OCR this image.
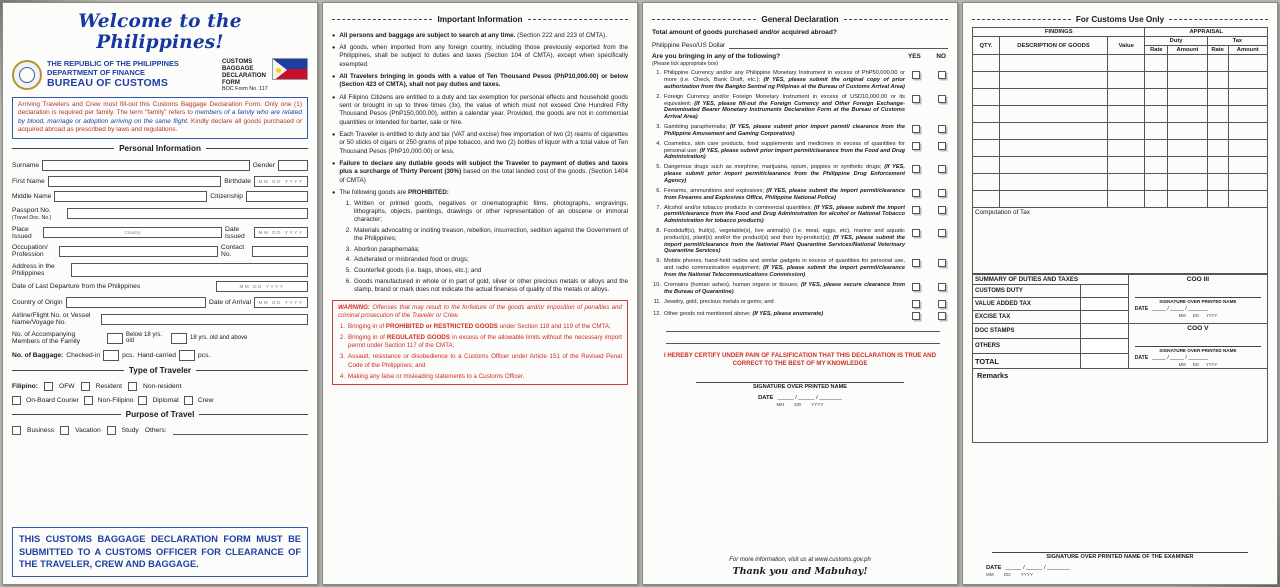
Welcome to the Philippines!
THE REPUBLIC OF THE PHILIPPINES
DEPARTMENT OF FINANCE
BUREAU OF CUSTOMS
CUSTOMS BAGGAGE DECLARATION FORM
BOC Form No. 117
Arriving Travelers and Crew must fill-out this Customs Baggage Declaration Form. Only one (1) declaration is required per family. The term "family" refers to members of a family who are related by blood, marriage or adoption arriving on the same flight. Kindly declare all goods purchased or acquired abroad as prescribed by laws and regulations.
Personal Information
Surname	Gender
First Name	Birthdate	MM DD YYYY
Middle Name	Citizenship
Passport No.
(Travel Doc. No.)
Place Issued	Country
Date Issued	MM DD YYYY
Occupation/ Profession
Contact No.
Address in the Philippines
Date of Last Departure from the Philippines	MM DD YYYY
Country of Origin	Date of Arrival	MM DD YYYY
Airline/Flight No. or Vessel Name/Voyage No.
No. of Accompanying Members of the Family
Below 18 yrs. old
18 yrs. old and above
No. of Baggage: Checked-in	pcs. Hand-carried	pcs.
Type of Traveler
Filipino:	OFW	Resident	Non-resident
On-Board Courier	Non-Filipino	Diplomat	Crew
Purpose of Travel
Business	Vacation	Study Others:
THIS CUSTOMS BAGGAGE DECLARATION FORM MUST BE SUBMITTED TO A CUSTOMS OFFICER FOR CLEARANCE OF THE TRAVELER, CREW AND BAGGAGE.
Important Information
● All persons and baggage are subject to search at any time. (Section 222 and 223 of CMTA).
● All goods, when imported from any foreign country, including those previously exported from the Philippines, shall be subject to duties and taxes (Section 104 of CMTA), except when specifically exempted.
● All Travelers bringing in goods with a value of Ten Thousand Pesos (PhP10,000.00) or below (Section 423 of CMTA), shall not pay duties and taxes.
● All Filipino Citizens are entitled to a duty and tax exemption for personal effects and household goods sent or brought in up to three times (3x), the value of which must not exceed One Hundred Fifty Thousand Pesos (PhP150,000.00), within a calendar year. Provided, the goods are not in commercial quantities or intended for barter, sale or hire.
● Each Traveler is entitled to duty and tax (VAT and excise) free importation of two (2) reams of cigarettes or 50 sticks of cigars or 250 grams of pipe tobacco, and two (2) bottles of liquor with a total value of Ten Thousand Pesos (PhP10,000.00) or less.
● Failure to declare any dutiable goods will subject the Traveler to payment of duties and taxes plus a surcharge of Thirty Percent (30%) based on the total landed cost of the goods. (Section 1404 of CMTA)
● The following goods are PROHIBITED:
1. Written or printed goods, negatives or cinematographic films, photographs, engravings, lithographs, objects, paintings, drawings or other representation of an obscene or immoral character;
2. Materials advocating or inciting treason, rebellion, insurrection, sedition against the Government of the Philippines;
3. Abortion paraphernalia;
4. Adulterated or misbranded food or drugs;
5. Counterfeit goods (i.e. bags, shoes, etc.); and
6. Goods manufactured in whole or in part of gold, silver or other precious metals or alloys and the stamp, brand or mark does not indicate the actual fineness of quality of the metals or alloys.
WARNING: Offenses that may result to the forfeiture of the goods and/or imposition of penalties and criminal prosecution of the Traveler or Crew.
1. Bringing in of PROHIBITED or RESTRICTED GOODS under Section 118 and 119 of the CMTA;
2. Bringing in of REGULATED GOODS in excess of the allowable limits without the necessary import permit under Section 117 of the CMTA;
3. Assault, resistance or disobedience to a Customs Officer under Article 151 of the Revised Penal Code of the Philippines; and
4. Making any false or misleading statements to a Customs Officer.
General Declaration
Total amount of goods purchased and/or acquired abroad?
Philippine Peso/US Dollar
Are you bringing in any of the following?
(Please tick appropriate box)
YES NO
1. Philippine Currency and/or any Philippine Monetary Instrument in excess of PhP50,000.00 or more (i.e. Check, Bank Draft, etc.); (If YES, please submit the original copy of prior authorization from the Bangko Sentral ng Pilipinas at the Bureau of Customs Arrival Area)
2. Foreign Currency and/or Foreign Monetary Instrument in excess of USD10,000.00 or its equivalent; (If YES, please fill-out the Foreign Currency and Other Foreign Exchange-Denominated Bearer Monetary Instruments Declaration Form at the Bureau of Customs Arrival Area)
3. Gambling paraphernalia; (If YES, please submit prior import permit/ clearance from the Philippine Amusement and Gaming Corporation)
4. Cosmetics, skin care products, food supplements and medicines in excess of quantities for personal use; (If YES, please submit prior import permit/clearance from the Food and Drug Administration)
5. Dangerous drugs such as morphine, marijuana, opium, poppies or synthetic drugs; (If YES, please submit prior import permit/clearance from the Philippine Drug Enforcement Agency)
6. Firearms, ammunitions and explosives; (If YES, please submit the import permit/clearance from Firearms and Explosives Office, Philippine National Police)
7. Alcohol and/or tobacco products in commercial quantities; (If YES, please submit the import permit/clearance from the Food and Drug Administration for alcohol or National Tobacco Administration for tobacco products)
8. Foodstuff(s), fruit(s), vegetable(s), live animal(s) (i.e. meat, eggs, etc), marine and aquatic product(s), plant(s) and/or the product(s) and their by-product(s); (If YES, please submit the import permit/clearance from the National Plant Quarantine Services/National Veterinary Quarantine Services)
9. Mobile phones, hand-held radios and similar gadgets in excess of quantities for personal use, and radio communication equipment; (If YES, please submit the import permit/clearance from the National Telecommunications Commission)
10. Cremains (human ashes), human organs or tissues; (If YES, please secure clearance from the Bureau of Quarantine)
11. Jewelry, gold, precious metals or gems; and
12. Other goods not mentioned above; (If YES, please enumerate)
I HEREBY CERTIFY UNDER PAIN OF FALSIFICATION THAT THIS DECLARATION IS TRUE AND CORRECT TO THE BEST OF MY KNOWLEDGE
SIGNATURE OVER PRINTED NAME
DATE _____ / _____ / _______
MM DD YYYY
For more information, visit us at www.customs.gov.ph
Thank you and Mabuhay!
For Customs Use Only
FINDINGS			APPRAISAL			
QTY.	DESCRIPTION OF GOODS	Value	Duty		Tax	
			Rate	Amount	Rate	Amount

Computation of Tax						
SUMMARY OF DUTIES AND TAXES		COO III
SIGNATURE OVER PRINTED NAME
DATE _____ / _____ / _______
MM DD YYYY

CUSTOMS DUTY		
VALUE ADDED TAX		
EXCISE TAX		
DOC STAMPS		COO V
SIGNATURE OVER PRINTED NAME
DATE _____ / _____ / _______
MM DD YYYY

OTHERS		
TOTAL		
Remarks
SIGNATURE OVER PRINTED NAME OF THE EXAMINER
DATE _____ / _____ / _______
MM DD YYYY
